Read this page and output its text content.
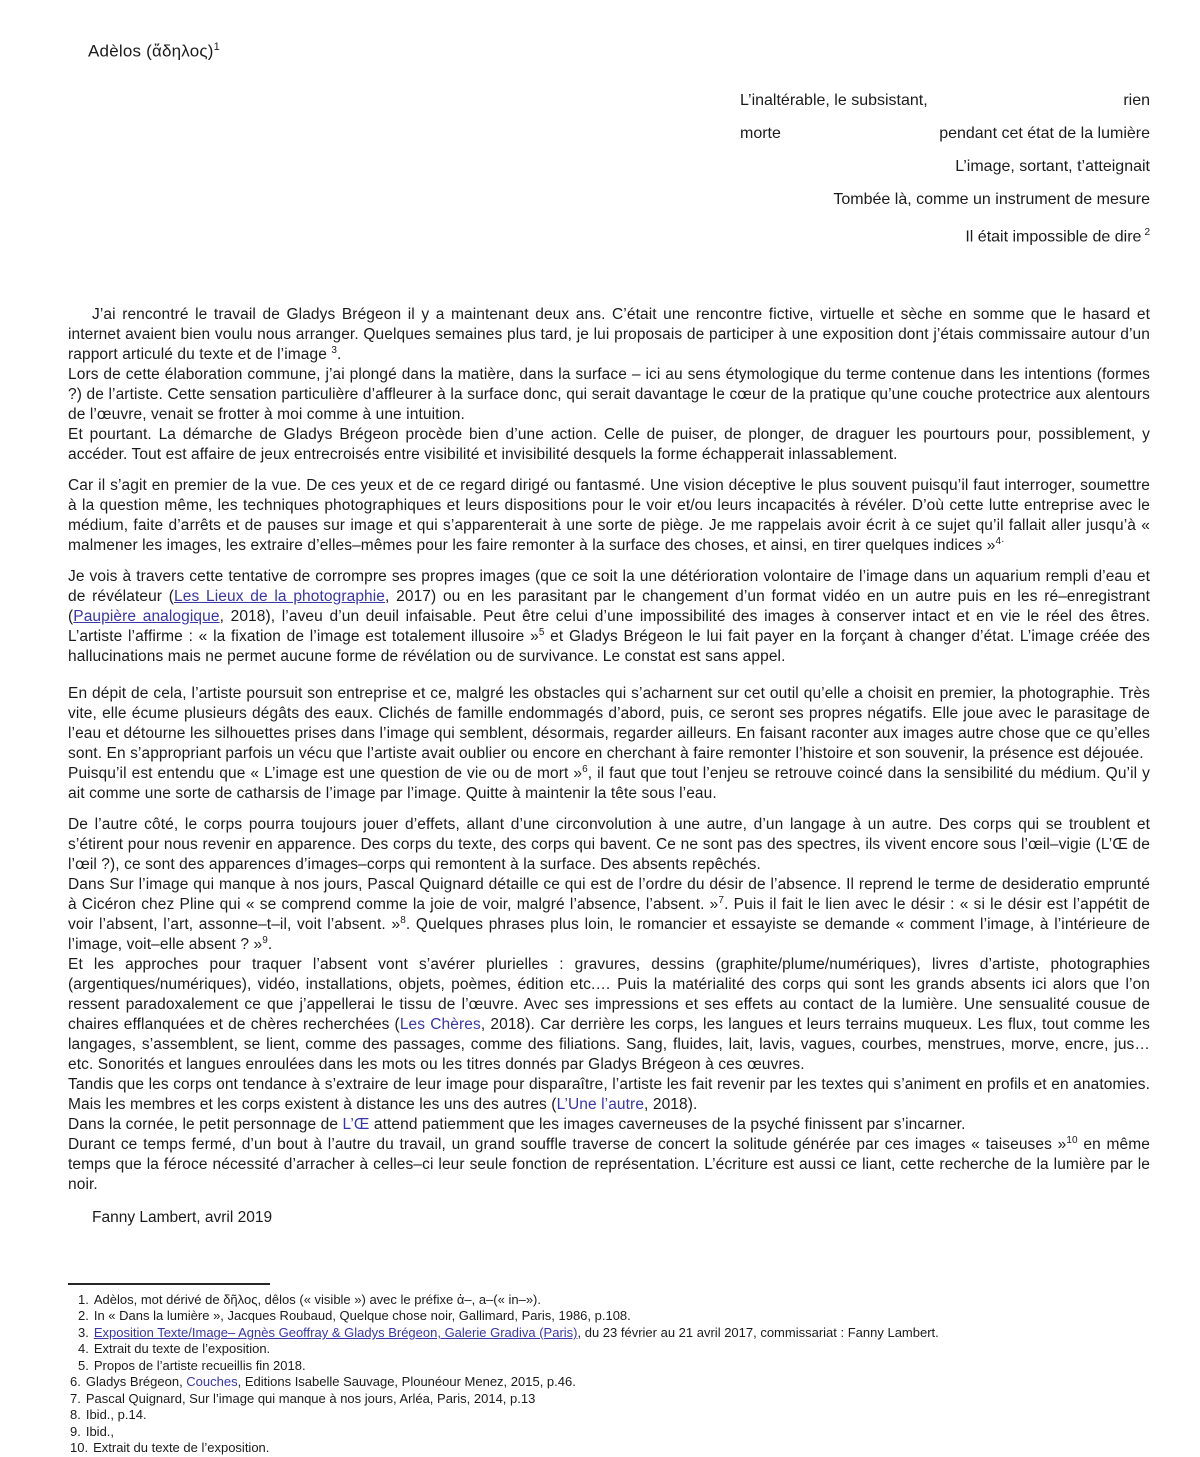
Adèlos (ἄδηλος)$^1$
L’inaltérable, le subsistant,	rien
morte	pendant cet état de la lumière
L’image, sortant, t’atteignait
Tombée là, comme un instrument de mesure
Il était impossible de dire $^2$

J’ai rencontré le travail de Gladys Brégeon il y a maintenant deux ans. C’était une rencontre fictive, virtuelle et sèche en somme que le hasard et internet avaient bien voulu nous arranger. Quelques semaines plus tard, je lui proposais de participer à une exposition dont j’étais commissaire autour d’un rapport articulé du texte et de l’image $^3$.

Lors de cette élaboration commune, j’ai plongé dans la matière, dans la surface – ici au sens étymologique du terme contenue dans les intentions (formes ?) de l’artiste. Cette sensation particulière d’affleurer à la surface donc, qui serait davantage le cœur de la pratique qu’une couche protectrice aux alentours de l’œuvre, venait se frotter à moi comme à une intuition.

Et pourtant. La démarche de Gladys Brégeon procède bien d’une action. Celle de puiser, de plonger, de draguer les pourtours pour, possiblement, y accéder. Tout est affaire de jeux entrecroisés entre visibilité et invisibilité desquels la forme échapperait inlassablement.

Car il s’agit en premier de la vue. De ces yeux et de ce regard dirigé ou fantasmé. Une vision déceptive le plus souvent puisqu’il faut interroger, soumettre à la question même, les techniques photographiques et leurs dispositions pour le voir et/ou leurs incapacités à révéler. D’où cette lutte entreprise avec le médium, faite d’arrêts et de pauses sur image et qui s’apparenterait à une sorte de piège. Je me rappelais avoir écrit à ce sujet qu’il fallait aller jusqu’à « malmener les images, les extraire d’elles–mêmes pour les faire remonter à la surface des choses, et ainsi, en tirer quelques indices »$^{4\cdot}$

Je vois à travers cette tentative de corrompre ses propres images (que ce soit la une détérioration volontaire de l’image dans un aquarium rempli d’eau et de révélateur (Les Lieux de la photographie, 2017) ou en les parasitant par le changement d’un format vidéo en un autre puis en les ré–enregistrant (Paupière analogique, 2018), l’aveu d’un deuil infaisable. Peut être celui d’une impossibilité des images à conserver intact et en vie le réel des êtres. L’artiste l’affirme : « la fixation de l’image est totalement illusoire »$^5$ et Gladys Brégeon le lui fait payer en la forçant à changer d’état. L’image créée des hallucinations mais ne permet aucune forme de révélation ou de survivance. Le constat est sans appel.

En dépit de cela, l’artiste poursuit son entreprise et ce, malgré les obstacles qui s’acharnent sur cet outil qu’elle a choisit en premier, la photographie. Très vite, elle écume plusieurs dégâts des eaux. Clichés de famille endommagés d’abord, puis, ce seront ses propres négatifs. Elle joue avec le parasitage de l’eau et détourne les silhouettes prises dans l’image qui semblent, désormais, regarder ailleurs. En faisant raconter aux images autre chose que ce qu’elles sont. En s’appropriant parfois un vécu que l’artiste avait oublier ou encore en cherchant à faire remonter l’histoire et son souvenir, la présence est déjouée.

Puisqu’il est entendu que « L’image est une question de vie ou de mort »$^6$, il faut que tout l’enjeu se retrouve coincé dans la sensibilité du médium. Qu’il y ait comme une sorte de catharsis de l’image par l’image. Quitte à maintenir la tête sous l’eau.

De l’autre côté, le corps pourra toujours jouer d’effets, allant d’une circonvolution à une autre, d’un langage à un autre. Des corps qui se troublent et s’étirent pour nous revenir en apparence. Des corps du texte, des corps qui bavent. Ce ne sont pas des spectres, ils vivent encore sous l’œil–vigie (L’Œ de l’œil ?), ce sont des apparences d’images–corps qui remontent à la surface. Des absents repêchés.

Dans Sur l’image qui manque à nos jours, Pascal Quignard détaille ce qui est de l’ordre du désir de l’absence. Il reprend le terme de desideratio emprunté à Cicéron chez Pline qui « se comprend comme la joie de voir, malgré l’absence, l’absent. »$^7$. Puis il fait le lien avec le désir : « si le désir est l’appétit de voir l’absent, l’art, assonne–t–il, voit l’absent. »$^8$. Quelques phrases plus loin, le romancier et essayiste se demande « comment l’image, à l’intérieure de l’image, voit–elle absent ? »$^9$.

Et les approches pour traquer l’absent vont s’avérer plurielles : gravures, dessins (graphite/plume/numériques), livres d’artiste, photographies (argentiques/numériques), vidéo, installations, objets, poèmes, édition etc.… Puis la matérialité des corps qui sont les grands absents ici alors que l’on ressent paradoxalement ce que j’appellerai le tissu de l’œuvre. Avec ses impressions et ses effets au contact de la lumière. Une sensualité cousue de chaires efflanquées et de chères recherchées (Les Chères, 2018). Car derrière les corps, les langues et leurs terrains muqueux. Les flux, tout comme les langages, s’assemblent, se lient, comme des passages, comme des filiations. Sang, fluides, lait, lavis, vagues, courbes, menstrues, morve, encre, jus… etc. Sonorités et langues enroulées dans les mots ou les titres donnés par Gladys Brégeon à ces œuvres.

Tandis que les corps ont tendance à s’extraire de leur image pour disparaître, l’artiste les fait revenir par les textes qui s’animent en profils et en anatomies. Mais les membres et les corps existent à distance les uns des autres (L’Une l’autre, 2018).

Dans la cornée, le petit personnage de L’Œ attend patiemment que les images caverneuses de la psyché finissent par s’incarner.

Durant ce temps fermé, d’un bout à l’autre du travail, un grand souffle traverse de concert la solitude générée par ces images « taiseuses »$^{10}$ en même temps que la féroce nécessité d’arracher à celles–ci leur seule fonction de représentation. L’écriture est aussi ce liant, cette recherche de la lumière par le noir.

Fanny Lambert, avril 2019
1. Adèlos, mot dérivé de δῆλος, dêlos (« visible ») avec le préfixe ἀ–, a–(« in–»).
2. In « Dans la lumière », Jacques Roubaud, Quelque chose noir, Gallimard, Paris, 1986, p.108.
3. Exposition Texte/Image– Agnès Geoffray & Gladys Brégeon, Galerie Gradiva (Paris), du 23 février au 21 avril 2017, commissariat : Fanny Lambert.
4. Extrait du texte de l’exposition.
5. Propos de l’artiste recueillis fin 2018.
6. Gladys Brégeon, Couches, Editions Isabelle Sauvage, Plounéour Menez, 2015, p.46.
7. Pascal Quignard, Sur l’image qui manque à nos jours, Arléa, Paris, 2014, p.13
8. Ibid., p.14.
9. Ibid.,
10. Extrait du texte de l’exposition.
